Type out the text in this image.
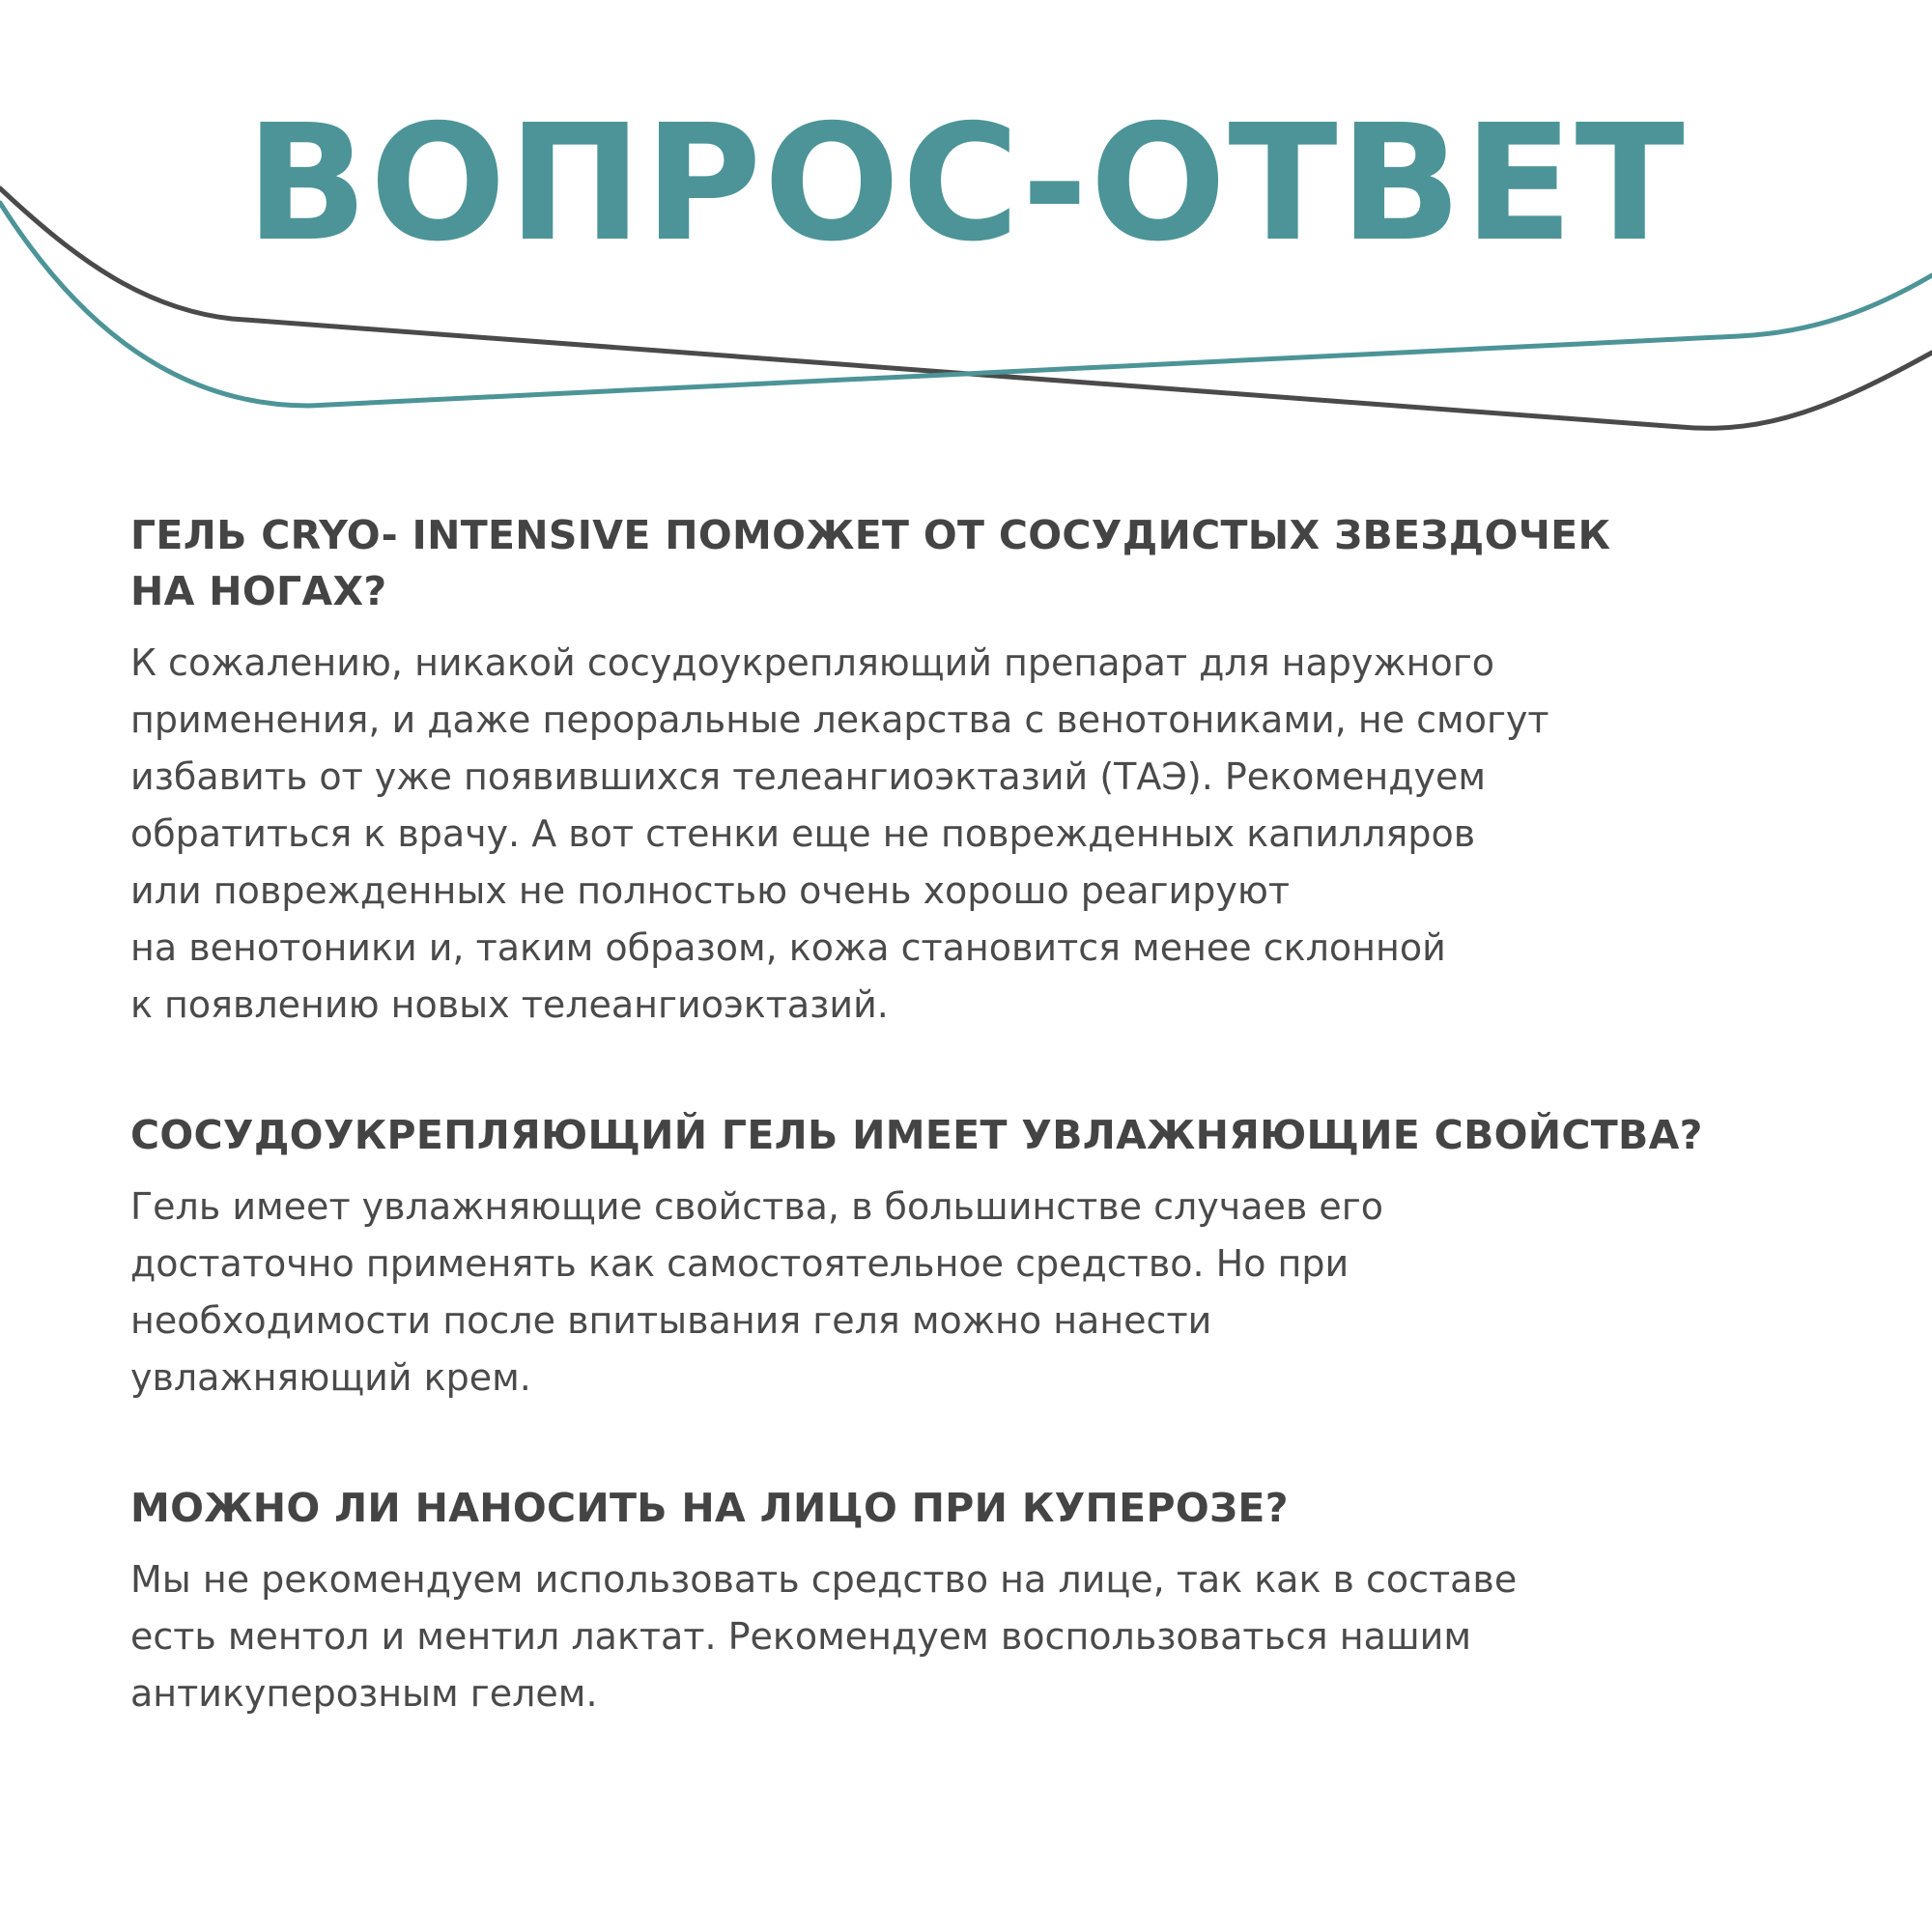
ВОПРОС-ОТВЕТ
ГЕЛЬ CRYO- INTENSIVE ПОМОЖЕТ ОТ СОСУДИСТЫХ ЗВЕЗДОЧЕК
НА НОГАХ?
К сожалению, никакой сосудоукрепляющий препарат для наружного
применения, и даже пероральные лекарства с венотониками, не смогут
избавить от уже появившихся телеангиоэктазий (ТАЭ). Рекомендуем
обратиться к врачу. А вот стенки еще не поврежденных капилляров
или поврежденных не полностью очень хорошо реагируют
на венотоники и, таким образом, кожа становится менее склонной
к появлению новых телеангиоэктазий.
СОСУДОУКРЕПЛЯЮЩИЙ ГЕЛЬ ИМЕЕТ УВЛАЖНЯЮЩИЕ СВОЙСТВА?
Гель имеет увлажняющие свойства, в большинстве случаев его
достаточно применять как самостоятельное средство. Но при
необходимости после впитывания геля можно нанести
увлажняющий крем.
МОЖНО ЛИ НАНОСИТЬ НА ЛИЦО ПРИ КУПЕРОЗЕ?
Мы не рекомендуем использовать средство на лице, так как в составе
есть ментол и ментил лактат. Рекомендуем воспользоваться нашим
антикуперозным гелем.
